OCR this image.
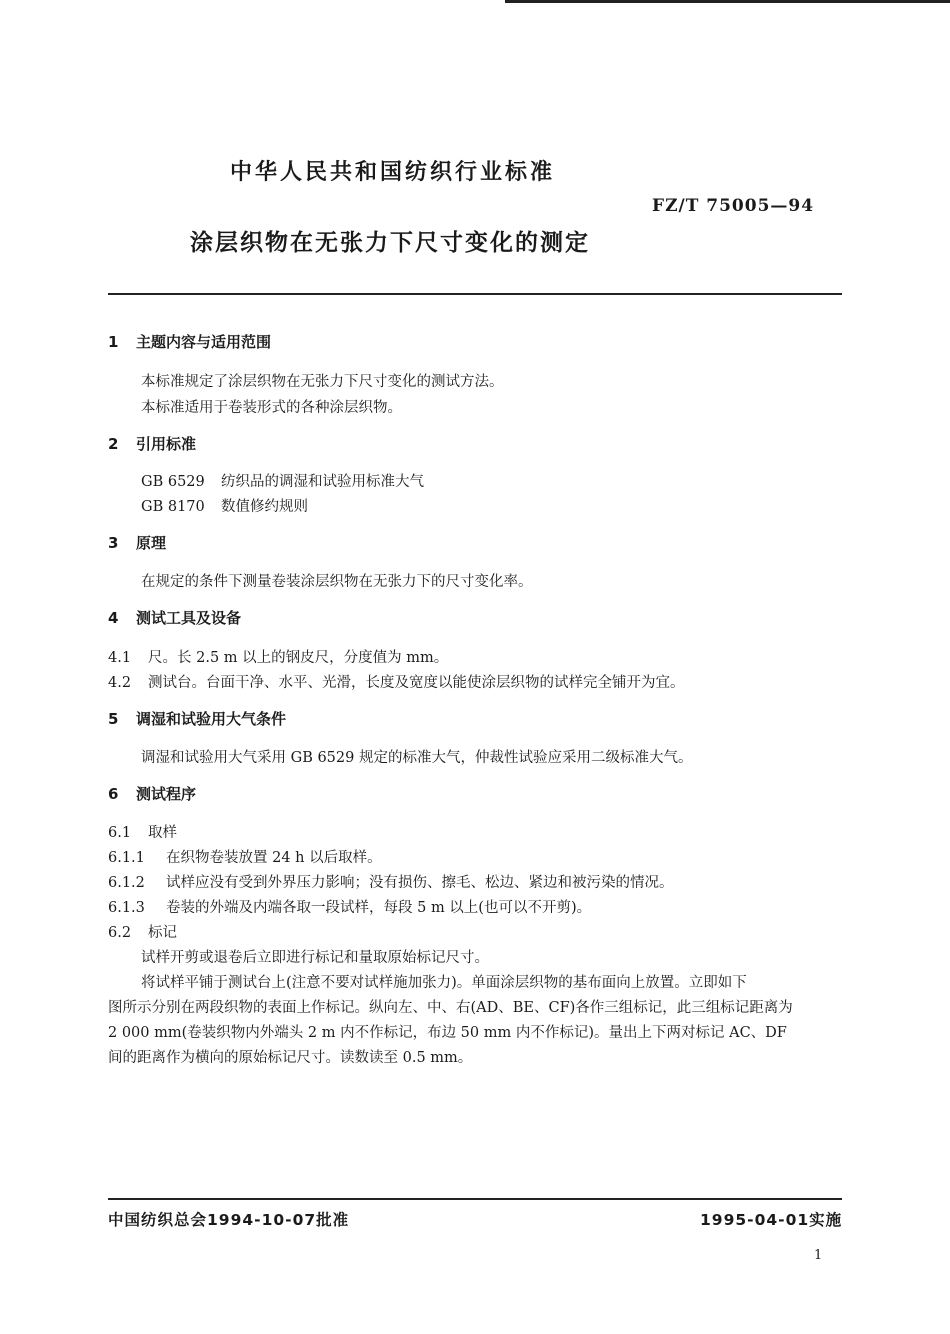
中华人民共和国纺织行业标准
FZ/T 75005—94
涂层织物在无张力下尺寸变化的测定
1 主题内容与适用范围
本标准规定了涂层织物在无张力下尺寸变化的测试方法。
本标准适用于卷装形式的各种涂层织物。
2 引用标准
GB 6529 纺织品的调湿和试验用标准大气
GB 8170 数值修约规则
3 原理
在规定的条件下测量卷装涂层织物在无张力下的尺寸变化率。
4 测试工具及设备
4.1 尺。长 2.5 m 以上的钢皮尺，分度值为 mm。
4.2 测试台。台面干净、水平、光滑，长度及宽度以能使涂层织物的试样完全铺开为宜。
5 调湿和试验用大气条件
调湿和试验用大气采用 GB 6529 规定的标准大气，仲裁性试验应采用二级标准大气。
6 测试程序
6.1 取样
6.1.1 在织物卷装放置 24 h 以后取样。
6.1.2 试样应没有受到外界压力影响；没有损伤、擦毛、松边、紧边和被污染的情况。
6.1.3 卷装的外端及内端各取一段试样，每段 5 m 以上(也可以不开剪)。
6.2 标记
试样开剪或退卷后立即进行标记和量取原始标记尺寸。
将试样平铺于测试台上(注意不要对试样施加张力)。单面涂层织物的基布面向上放置。立即如下
图所示分别在两段织物的表面上作标记。纵向左、中、右(AD、BE、CF)各作三组标记，此三组标记距离为
2 000 mm(卷装织物内外端头 2 m 内不作标记，布边 50 mm 内不作标记)。量出上下两对标记 AC、DF
间的距离作为横向的原始标记尺寸。读数读至 0.5 mm。
中国纺织总会1994-10-07批准	1995-04-01实施
1
